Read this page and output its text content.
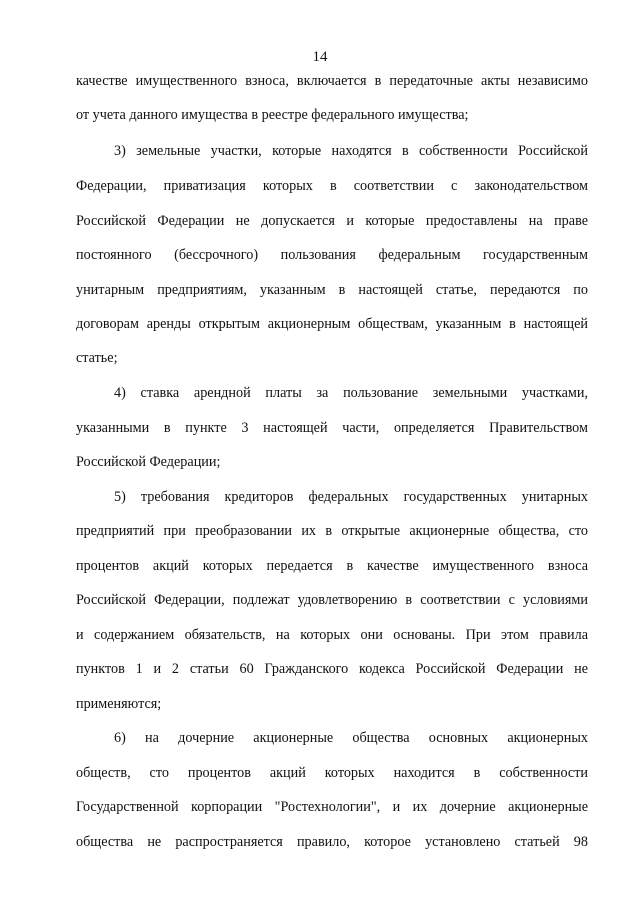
14
качестве имущественного взноса, включается в передаточные акты независимо
от учета данного имущества в реестре федерального имущества;
3) земельные участки, которые находятся в собственности Российской
Федерации, приватизация которых в соответствии с законодательством
Российской Федерации не допускается и которые предоставлены на праве
постоянного (бессрочного) пользования федеральным государственным
унитарным предприятиям, указанным в настоящей статье, передаются по
договорам аренды открытым акционерным обществам, указанным в настоящей
статье;
4) ставка арендной платы за пользование земельными участками,
указанными в пункте 3 настоящей части, определяется Правительством
Российской Федерации;
5) требования кредиторов федеральных государственных унитарных
предприятий при преобразовании их в открытые акционерные общества, сто
процентов акций которых передается в качестве имущественного взноса
Российской Федерации, подлежат удовлетворению в соответствии с условиями
и содержанием обязательств, на которых они основаны. При этом правила
пунктов 1 и 2 статьи 60 Гражданского кодекса Российской Федерации не
применяются;
6) на дочерние акционерные общества основных акционерных
обществ, сто процентов акций которых находится в собственности
Государственной корпорации "Ростехнологии", и их дочерние акционерные
общества не распространяется правило, которое установлено статьей 98
